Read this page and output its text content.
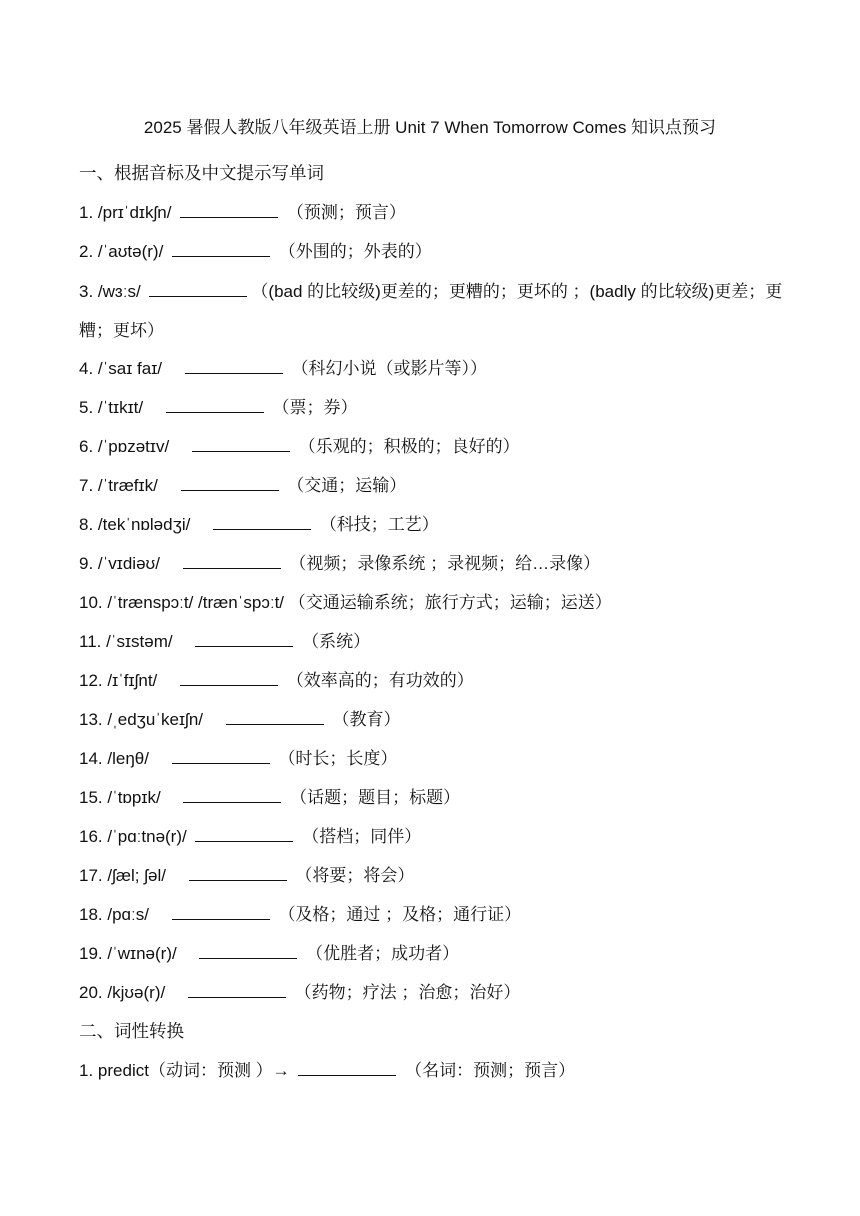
2025 暑假人教版八年级英语上册 Unit 7 When Tomorrow Comes 知识点预习
一、根据音标及中文提示写单词
1. /prɪˈdɪkʃn/	（预测；预言）
2. /ˈaʊtə(r)/	（外围的；外表的）
3. /wɜːs/	（(bad 的比较级)更差的；更糟的；更坏的 ；(badly 的比较级)更差；更糟；更坏）
4. /ˈsaɪ faɪ/	（科幻小说（或影片等））
5. /ˈtɪkɪt/	（票；券）
6. /ˈpɒzətɪv/	（乐观的；积极的；良好的）
7. /ˈtræfɪk/	（交通；运输）
8. /tekˈnɒlədʒi/	（科技；工艺）
9. /ˈvɪdiəʊ/	（视频；录像系统 ；录视频；给…录像）
10. /ˈtrænspɔːt/ /trænˈspɔːt/ （交通运输系统；旅行方式；运输；运送）
11. /ˈsɪstəm/	（系统）
12. /ɪˈfɪʃnt/	（效率高的；有功效的）
13. /ˌedʒuˈkeɪʃn/	（教育）
14. /leŋθ/	（时长；长度）
15. /ˈtɒpɪk/	（话题；题目；标题）
16. /ˈpɑːtnə(r)/	（搭档；同伴）
17. /ʃæl; ʃəl/	（将要；将会）
18. /pɑːs/	（及格；通过 ；及格；通行证）
19. /ˈwɪnə(r)/	（优胜者；成功者）
20. /kjʊə(r)/	（药物；疗法 ；治愈；治好）
二、词性转换
1. predict（动词：预测 ）→	（名词：预测；预言）
